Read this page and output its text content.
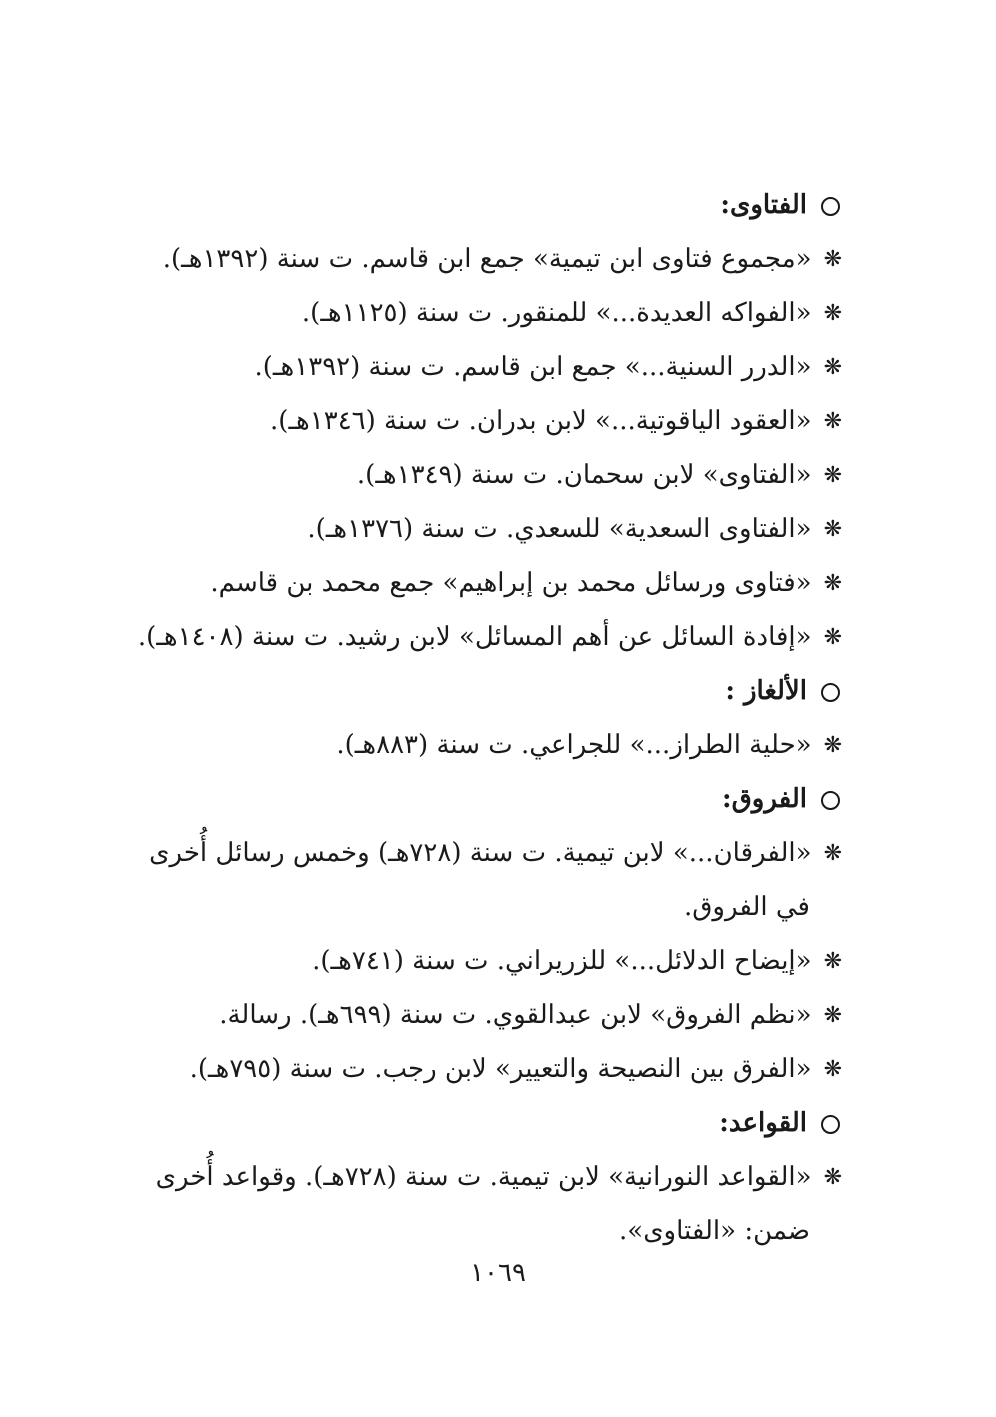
الفتاوى:
❋«مجموع فتاوى ابن تيمية» جمع ابن قاسم. ت سنة (١٣٩٢هـ).
❋«الفواكه العديدة...» للمنقور. ت سنة (١١٢٥هـ).
❋«الدرر السنية...» جمع ابن قاسم. ت سنة (١٣٩٢هـ).
❋«العقود الياقوتية...» لابن بدران. ت سنة (١٣٤٦هـ).
❋«الفتاوى» لابن سحمان. ت سنة (١٣٤٩هـ).
❋«الفتاوى السعدية» للسعدي. ت سنة (١٣٧٦هـ).
❋«فتاوى ورسائل محمد بن إبراهيم» جمع محمد بن قاسم.
❋«إفادة السائل عن أهم المسائل» لابن رشيد. ت سنة (١٤٠٨هـ).
الألغاز :
❋«حلية الطراز...» للجراعي. ت سنة (٨٨٣هـ).
الفروق:
❋«الفرقان...» لابن تيمية. ت سنة (٧٢٨هـ) وخمس رسائل أُخرى
في الفروق.
❋«إيضاح الدلائل...» للزريراني. ت سنة (٧٤١هـ).
❋«نظم الفروق» لابن عبدالقوي. ت سنة (٦٩٩هـ). رسالة.
❋«الفرق بين النصيحة والتعيير» لابن رجب. ت سنة (٧٩٥هـ).
القواعد:
❋«القواعد النورانية» لابن تيمية. ت سنة (٧٢٨هـ). وقواعد أُخرى
ضمن: «الفتاوى».
١٠٦٩
